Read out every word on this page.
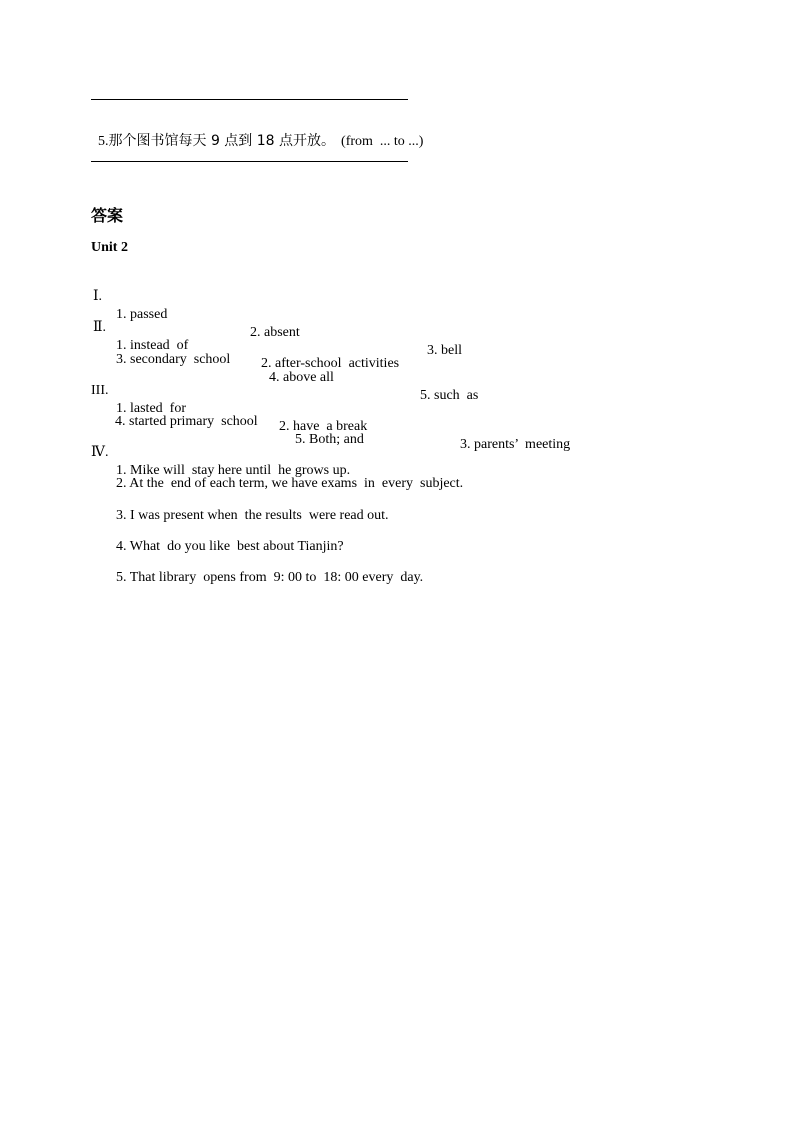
5.那个图书馆每天 9 点到 18 点开放。 (from  ... to ...)

答案
Unit 2

Ⅰ.

1. passed

2. absent

3. bell

Ⅱ.

1. instead  of

2. after-school  activities

3. secondary  school

4. above all

5. such  as

III.

1. lasted  for

2. have  a break

3. parents’  meeting

4. started primary  school

5. Both; and

Ⅳ.

1. Mike will  stay here until  he grows up.

2. At the  end of each term, we have exams  in  every  subject.

3. I was present when  the results  were read out.

4. What  do you like  best about Tianjin?

5. That library  opens from  9: 00 to  18: 00 every  day.
